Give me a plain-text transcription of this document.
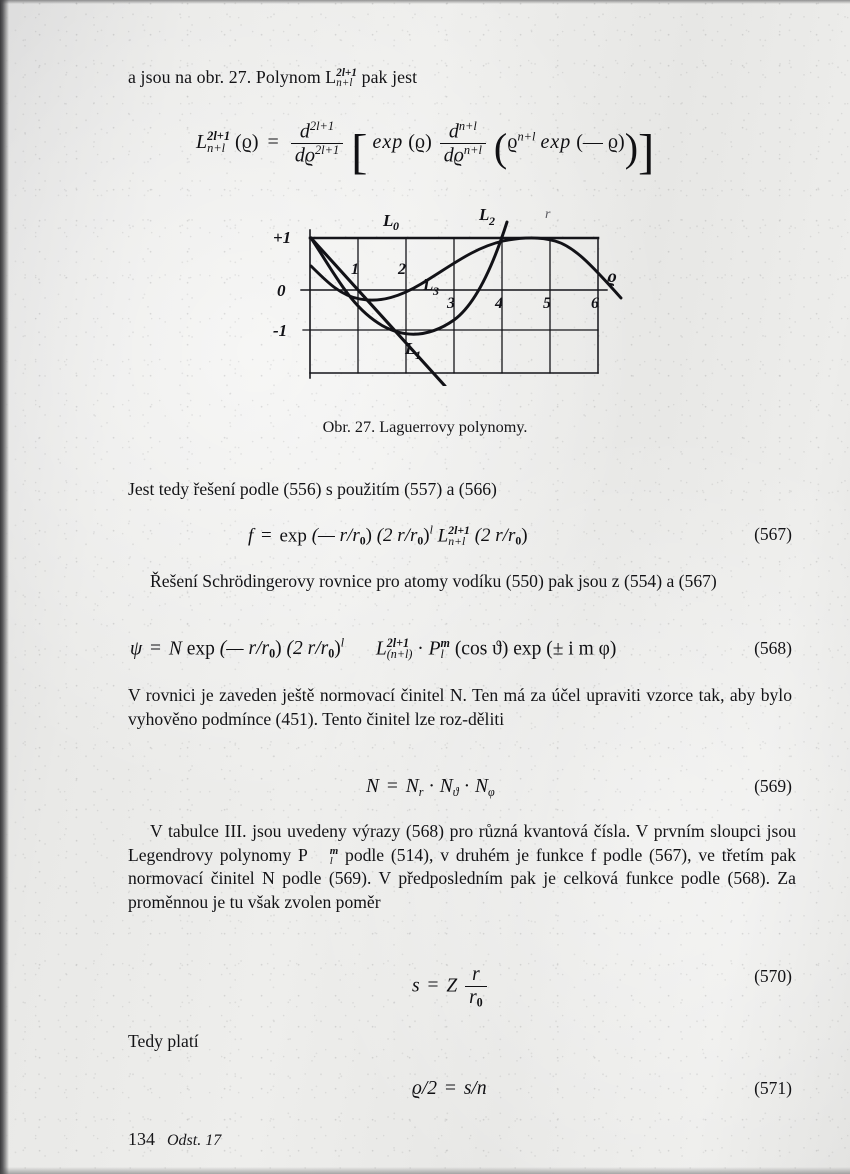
a jsou na obr. 27. Polynom L 2l+1
n+l pak jest
L 2l+1
n+l $(ϱ) = \frac{d^{2l+1}}{dϱ^{2l+1}}$ [ $\exp (ϱ) \frac{d^{n+l}}{dϱ^{n+l}} (ϱ^{n+l}$ exp (— ϱ))]
+1
0
-1
1 2
3	4	5	6
L 0
L 3
L 2
L 1
ϱ
r
Obr. 27. Laguerrovy polynomy.

Jest tedy řešení podle (556) s použitím (557) a (566)

f = exp (— $r/r_0$) (2 $r/r_0)^l$ L 2l+1
n+l (2 $r/r_0$)	(567)

Řešení Schrödingerovy rovnice pro atomy vodíku (550) pak jsou z (554) a (567)

ψ = N exp (— $r/r_0$) (2 $r/r_0)^l$ L 2l+1
(n+l) · P m
l (cos ϑ) exp (± i m φ)	(568)

V rovnici je zaveden ještě normovací činitel N. Ten má za účel upraviti vzorce tak, aby bylo vyhověno podmínce (451). Tento činitel lze roz-děliti

$N = N_r \cdot N_ϑ \cdot N_\varphi$	(569)

V tabulce III. jsou uvedeny výrazy (568) pro různá kvantová čísla. V prvním sloupci jsou Legendrovy polynomy P	m
l podle (514), v druhém je funkce f podle (567), ve třetím pak normovací činitel N podle (569). V předposledním pak je celková funkce podle (568). Za proměnnou je tu však zvolen poměr

s = Z $\frac{r}{r_0}$	(570)

Tedy platí

ϱ/2 = s/n	(571)
134 Odst. 17
